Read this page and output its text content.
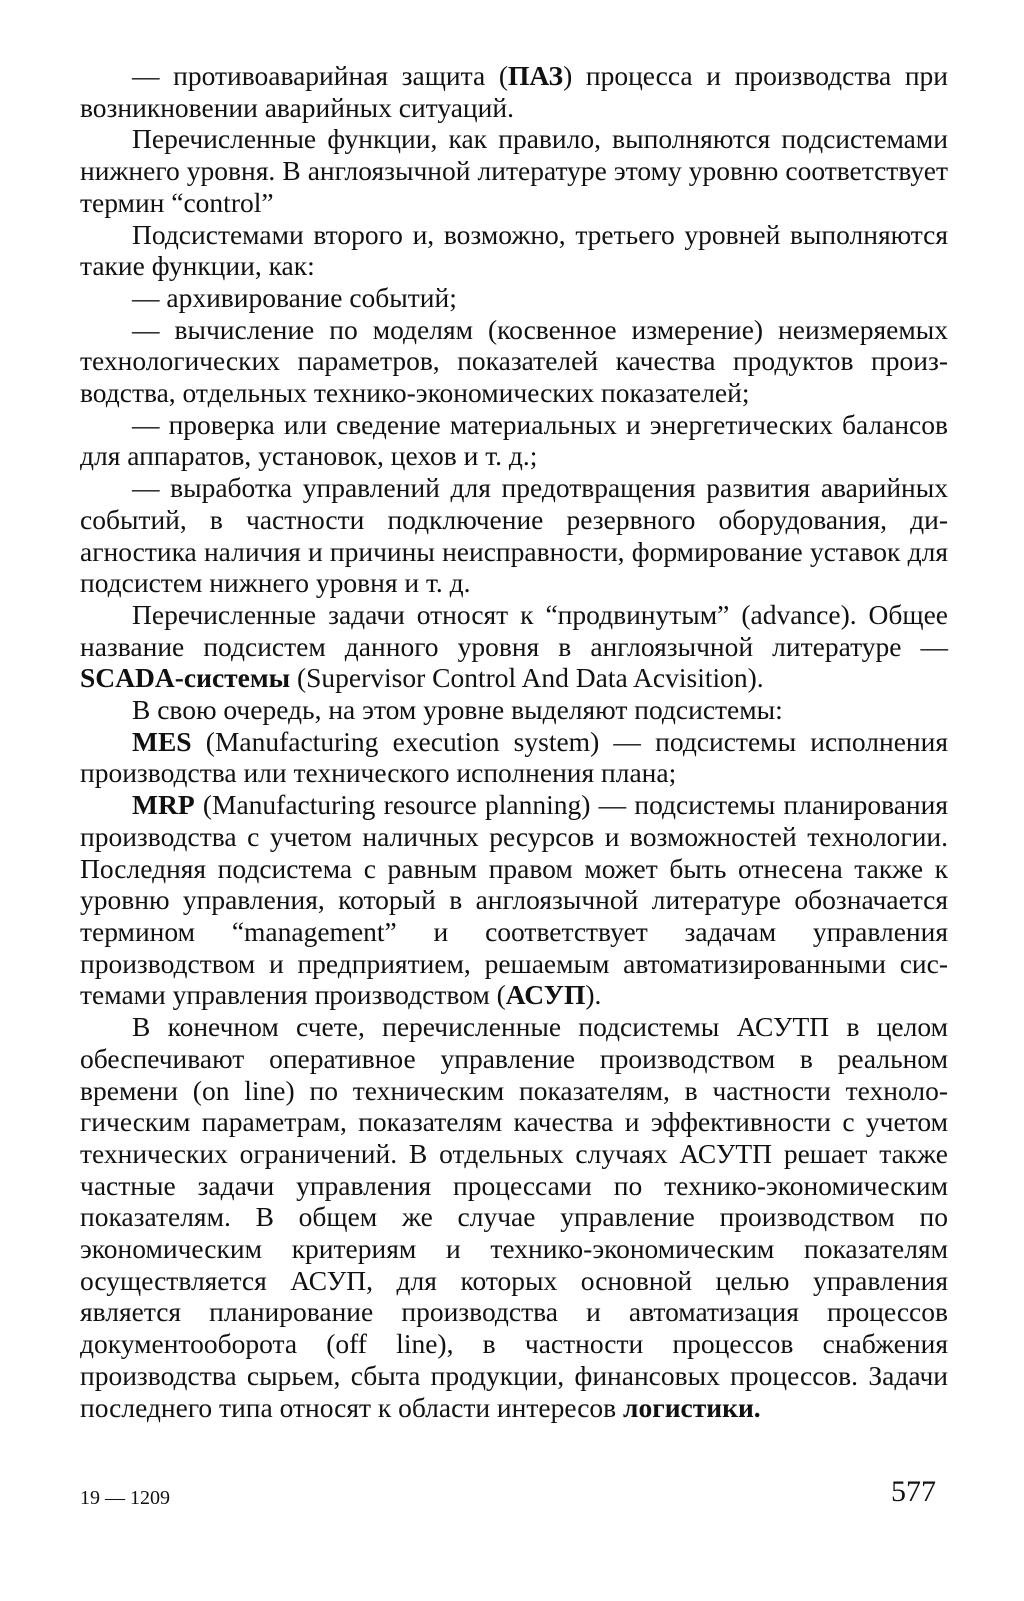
— противоаварийная защита (ПАЗ) процесса и производства при возникновении аварийных ситуаций.

Перечисленные функции, как правило, выполняются подсистемами нижнего уровня. В англоязычной литературе этому уровню соответствует термин “control”

Подсистемами второго и, возможно, третьего уровней выполняются такие функции, как:

— архивирование событий;

— вычисление по моделям (косвенное измерение) неизмеряемых технологических параметров, показателей качества продуктов производства, отдельных технико-экономических показателей;

— проверка или сведение материальных и энергетических балансов для аппаратов, установок, цехов и т. д.;

— выработка управлений для предотвращения развития аварийных событий, в частности подключение резервного оборудования, диагностика наличия и причины неисправности, формирование уставок для подсистем нижнего уровня и т. д.

Перечисленные задачи относят к “продвинутым” (advance). Общее название подсистем данного уровня в англоязычной литературе — SCADA-системы (Supervisor Control And Data Acvisition).

В свою очередь, на этом уровне выделяют подсистемы:

MES (Manufacturing execution system) — подсистемы исполнения производства или технического исполнения плана;

MRP (Manufacturing resource planning) — подсистемы планирования производства с учетом наличных ресурсов и возможностей технологии. Последняя подсистема с равным правом может быть отнесена также к уровню управления, который в англоязычной литературе обозначается термином “management” и соответствует задачам управления производством и предприятием, решаемым автоматизированными системами управления производством (АСУП).

В конечном счете, перечисленные подсистемы АСУТП в целом обеспечивают оперативное управление производством в реальном времени (on line) по техническим показателям, в частности технологическим параметрам, показателям качества и эффективности с учетом технических ограничений. В отдельных случаях АСУТП решает также частные задачи управления процессами по технико-экономическим показателям. В общем же случае управление производством по экономическим критериям и технико-экономическим показателям осуществляется АСУП, для которых основной целью управления является планирование производства и автоматизация процессов документооборота (off line), в частности процессов снабжения производства сырьем, сбыта продукции, финансовых процессов. Задачи последнего типа относят к области интересов логистики.

19 — 1209	577
